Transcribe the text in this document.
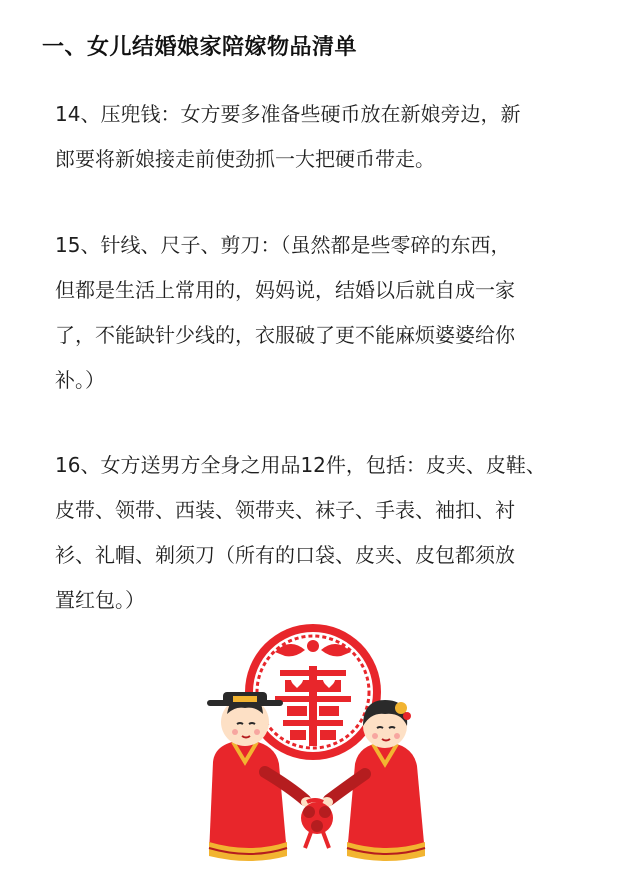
一、女儿结婚娘家陪嫁物品清单
14、压兜钱：女方要多准备些硬币放在新娘旁边，新
郎要将新娘接走前使劲抓一大把硬币带走。
15、针线、尺子、剪刀：（虽然都是些零碎的东西，
但都是生活上常用的，妈妈说，结婚以后就自成一家
了，不能缺针少线的，衣服破了更不能麻烦婆婆给你
补。）
16、女方送男方全身之用品12件，包括：皮夹、皮鞋、
皮带、领带、西装、领带夹、袜子、手表、袖扣、衬
衫、礼帽、剃须刀（所有的口袋、皮夹、皮包都须放
置红包。）
